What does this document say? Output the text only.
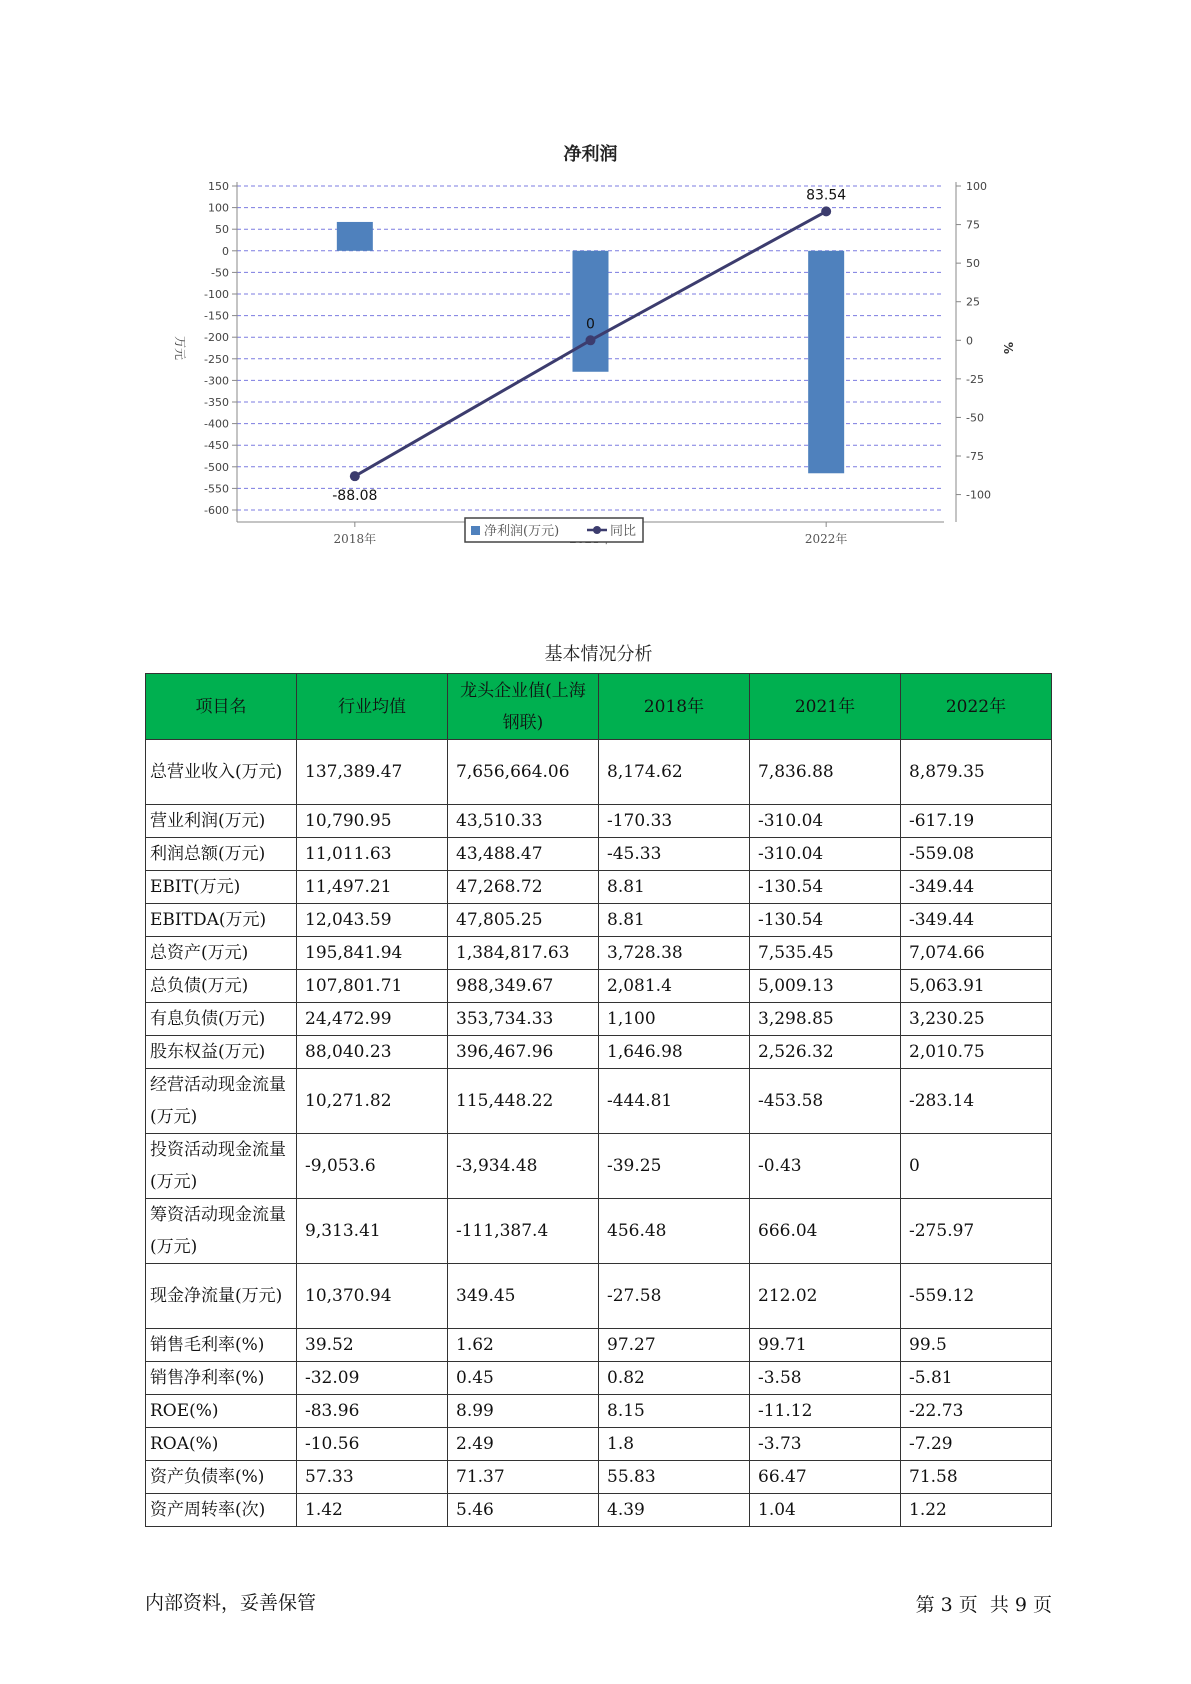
净利润
150
100
50
0
-50
-100
-150
-200
-250
-300
-350
-400
-450
-500
-550
-600
100
75
50
25
0
-25
-50
-75
-100
万元	%
2018年	2022年
-88.08
0
83.54
净利润(万元)	同比
基本情况分析
项目名	行业均值	龙头企业值(上海钢联)	2018年	2021年	2022年
总营业收入(万元)	137,389.47	7,656,664.06	8,174.62	7,836.88	8,879.35
营业利润(万元)	10,790.95	43,510.33	-170.33	-310.04	-617.19
利润总额(万元)	11,011.63	43,488.47	-45.33	-310.04	-559.08
EBIT(万元)	11,497.21	47,268.72	8.81	-130.54	-349.44
EBITDA(万元)	12,043.59	47,805.25	8.81	-130.54	-349.44
总资产(万元)	195,841.94	1,384,817.63	3,728.38	7,535.45	7,074.66
总负债(万元)	107,801.71	988,349.67	2,081.4	5,009.13	5,063.91
有息负债(万元)	24,472.99	353,734.33	1,100	3,298.85	3,230.25
股东权益(万元)	88,040.23	396,467.96	1,646.98	2,526.32	2,010.75
经营活动现金流量(万元)	10,271.82	115,448.22	-444.81	-453.58	-283.14
投资活动现金流量(万元)	-9,053.6	-3,934.48	-39.25	-0.43	0
筹资活动现金流量(万元)	9,313.41	-111,387.4	456.48	666.04	-275.97
现金净流量(万元)	10,370.94	349.45	-27.58	212.02	-559.12
销售毛利率(%)	39.52	1.62	97.27	99.71	99.5
销售净利率(%)	-32.09	0.45	0.82	-3.58	-5.81
ROE(%)	-83.96	8.99	8.15	-11.12	-22.73
ROA(%)	-10.56	2.49	1.8	-3.73	-7.29
资产负债率(%)	57.33	71.37	55.83	66.47	71.58
资产周转率(次)	1.42	5.46	4.39	1.04	1.22
内部资料，妥善保管	第 3 页  共 9 页
